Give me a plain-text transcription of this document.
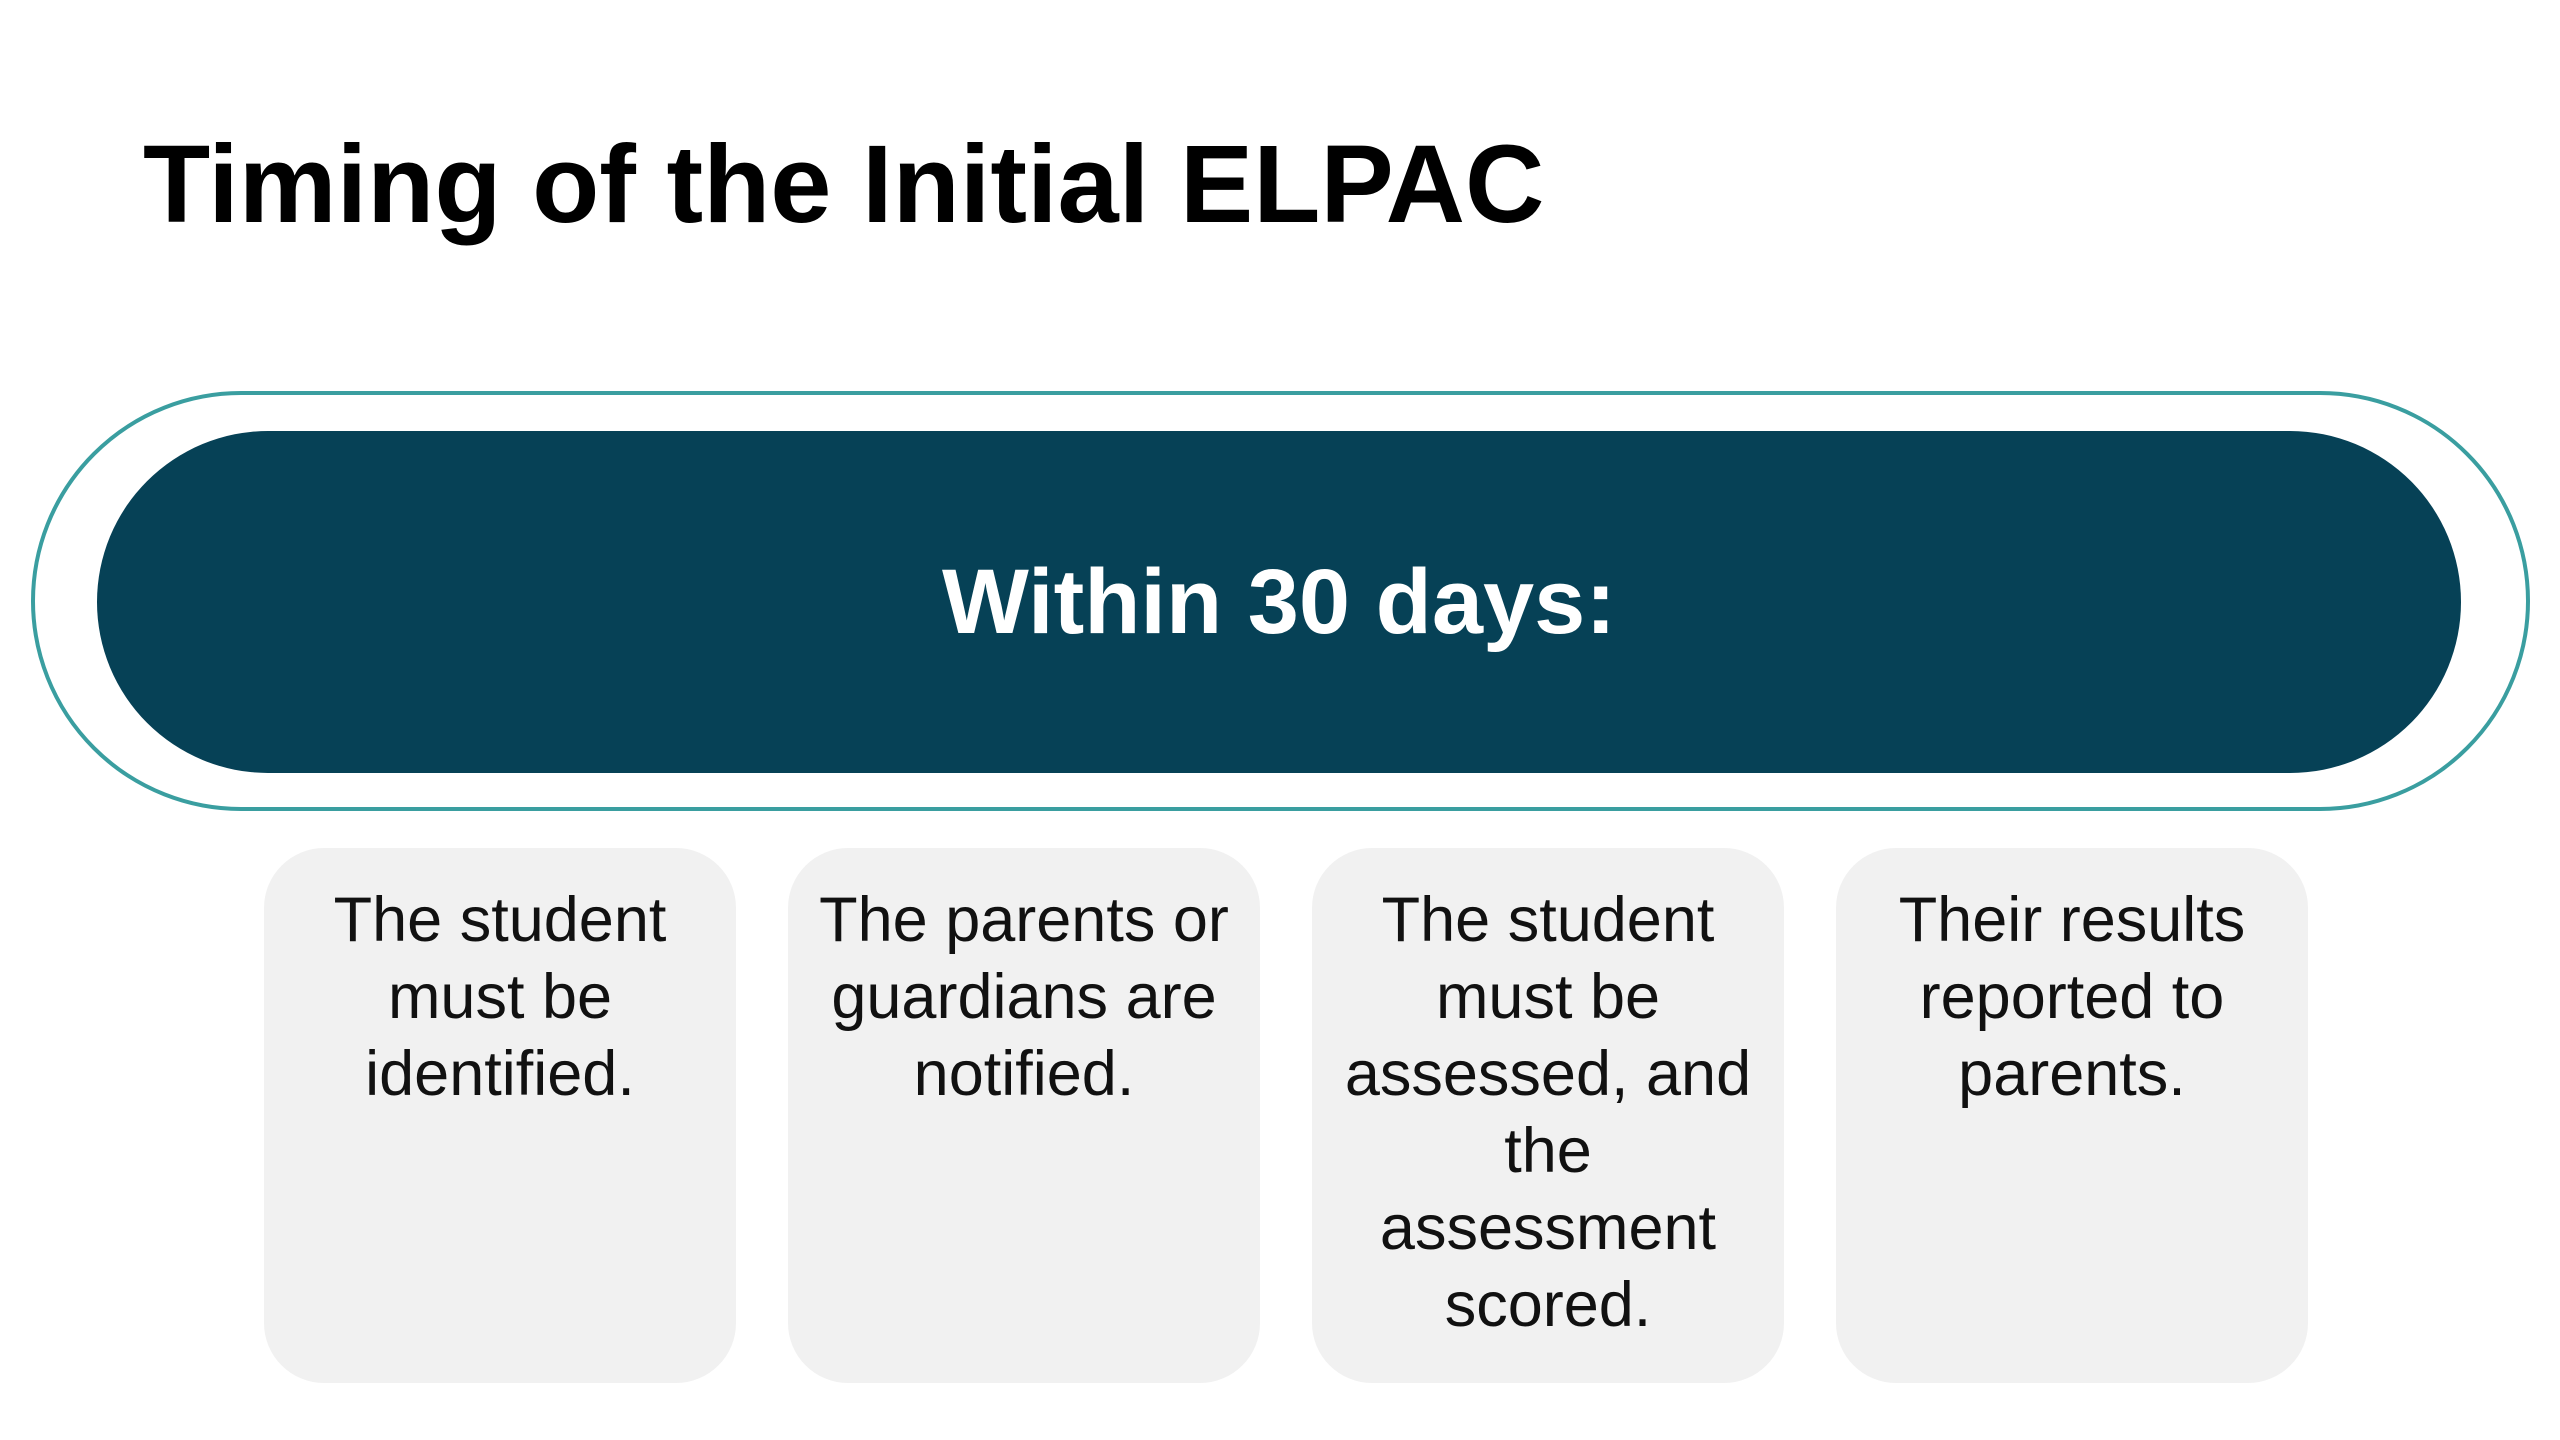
Timing of the Initial ELPAC
Within 30 days:
The student must be identified.
The parents or guardians are notified.
The student must be assessed, and the assessment scored.
Their results reported to parents.
